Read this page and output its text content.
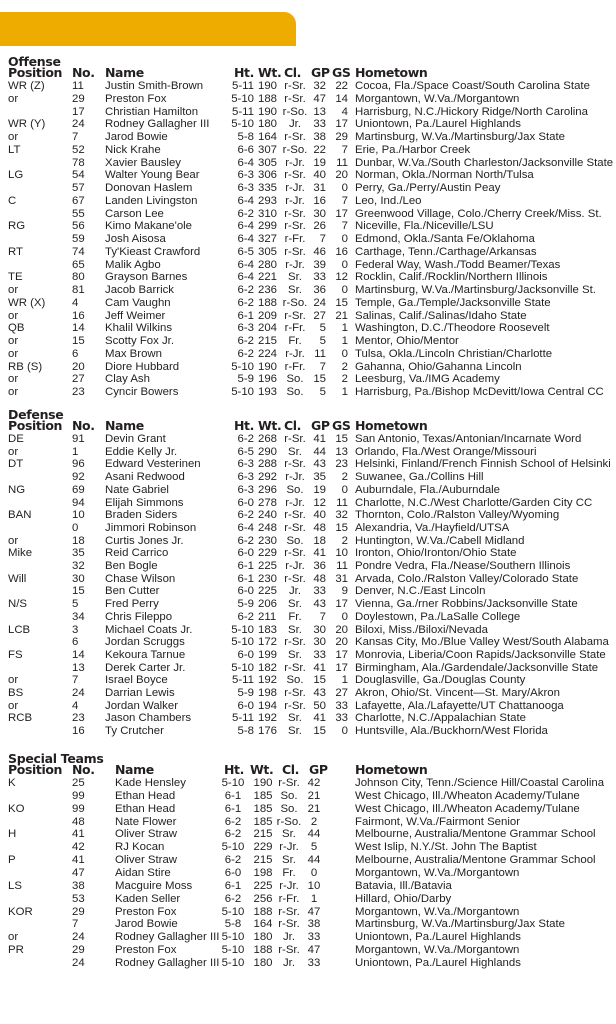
Offense
Position No. Name	Ht. Wt. Cl. GP GS Hometown
WR (Z) 11 Justin Smith-Brown	5-11 190 r-Sr. 32 22 Cocoa, Fla./Space Coast/South Carolina State
or	29 Preston Fox	5-10 188 r-Sr. 47 14 Morgantown, W.Va./Morgantown
17 Christian Hamilton	5-11 190 r-So. 13	4 Harrisburg, N.C./Hickory Ridge/North Carolina
WR (Y) 24 Rodney Gallagher III	5-10 180	Jr.	33 17 Uniontown, Pa./Laurel Highlands
or	7 Jarod Bowie	5-8 164 r-Sr. 38 29 Martinsburg, W.Va./Martinsburg/Jax State
LT	52 Nick Krahe	6-6 307 r-So. 22	7 Erie, Pa./Harbor Creek
78 Xavier Bausley	6-4 305 r-Jr. 19 11 Dunbar, W.Va./South Charleston/Jacksonville State
LG	54 Walter Young Bear	6-3 306 r-Sr. 40 20 Norman, Okla./Norman North/Tulsa
57 Donovan Haslem	6-3 335 r-Jr. 31	0 Perry, Ga./Perry/Austin Peay
C	67 Landen Livingston	6-4 293 r-Jr. 16	7 Leo, Ind./Leo
55 Carson Lee	6-2 310 r-Sr. 30 17 Greenwood Village, Colo./Cherry Creek/Miss. St.
RG	56 Kimo Makane'ole	6-4 299 r-Sr. 26	7 Niceville, Fla./Niceville/LSU
59 Josh Aisosa	6-4 327 r-Fr.	7	0 Edmond, Okla./Santa Fe/Oklahoma
RT	74 Ty'Kieast Crawford	6-5 305 r-Sr. 46 16 Carthage, Tenn./Carthage/Arkansas
65 Malik Agbo	6-4 280 r-Jr. 39	0 Federal Way, Wash./Todd Beamer/Texas
TE	80 Grayson Barnes	6-4 221 Sr. 33 12 Rocklin, Calif./Rocklin/Northern Illinois
or	81 Jacob Barrick	6-2 236 Sr. 36	0 Martinsburg, W.Va./Martinsburg/Jacksonville St.
WR (X) 4 Cam Vaughn	6-2 188 r-So. 24 15 Temple, Ga./Temple/Jacksonville State
or	16 Jeff Weimer	6-1 209 r-Sr. 27 21 Salinas, Calif./Salinas/Idaho State
QB	14 Khalil Wilkins	6-3 204 r-Fr.	5	1 Washington, D.C./Theodore Roosevelt
or	15 Scotty Fox Jr.	6-2 215 Fr.	5	1 Mentor, Ohio/Mentor
or	6 Max Brown	6-2 224 r-Jr. 11	0 Tulsa, Okla./Lincoln Christian/Charlotte
RB (S)	20 Diore Hubbard	5-10 190 r-Fr.	7	2 Gahanna, Ohio/Gahanna Lincoln
or	27 Clay Ash	5-9 196 So. 15	2 Leesburg, Va./IMG Academy
or	23 Cyncir Bowers	5-10 193 So.	5	1 Harrisburg, Pa./Bishop McDevitt/Iowa Central CC
Defense
Position No. Name	Ht. Wt. Cl. GP GS Hometown
DE	91 Devin Grant	6-2 268 r-Sr. 41 15 San Antonio, Texas/Antonian/Incarnate Word
or	1 Eddie Kelly Jr.	6-5 290 Sr. 44 13 Orlando, Fla./West Orange/Missouri
DT	96 Edward Vesterinen	6-3 288 r-Sr. 43 23 Helsinki, Finland/French Finnish School of Helsinki
92 Asani Redwood	6-3 292 r-Jr. 35	2 Suwanee, Ga./Collins Hill
NG	69 Nate Gabriel	6-3 296 So. 19	0 Auburndale, Fla./Auburndale
94 Elijah Simmons	6-0 278 r-Jr. 12 11 Charlotte, N.C./West Charlotte/Garden City CC
BAN	10 Braden Siders	6-2 240 r-Sr. 40 32 Thornton, Colo./Ralston Valley/Wyoming
0 Jimmori Robinson	6-4 248 r-Sr. 48 15 Alexandria, Va./Hayfield/UTSA
or	18 Curtis Jones Jr.	6-2 230 So. 18	2 Huntington, W.Va./Cabell Midland
Mike	35 Reid Carrico	6-0 229 r-Sr. 41 10 Ironton, Ohio/Ironton/Ohio State
32 Ben Bogle	6-1 225 r-Jr. 36 11 Pondre Vedra, Fla./Nease/Southern Illinois
Will	30 Chase Wilson	6-1 230 r-Sr. 48 31 Arvada, Colo./Ralston Valley/Colorado State
15 Ben Cutter	6-0 225	Jr.	33	9 Denver, N.C./East Lincoln
N/S	5 Fred Perry	5-9 206 Sr. 43 17 Vienna, Ga./rner Robbins/Jacksonville State
34 Chris Fileppo	6-2 211	Fr.	7	0 Doylestown, Pa./LaSalle College
LCB	3 Michael Coats Jr.	5-10 183 Sr. 30 20 Biloxi, Miss./Biloxi/Nevada
6 Jordan Scruggs	5-10 172 r-Sr. 30 20 Kansas City, Mo./Blue Valley West/South Alabama
FS	14 Kekoura Tarnue	6-0 199 Sr. 33 17 Monrovia, Liberia/Coon Rapids/Jacksonville State
13 Derek Carter Jr.	5-10 182 r-Sr. 41 17 Birmingham, Ala./Gardendale/Jacksonville State
or	7 Israel Boyce	5-11 192 So. 15	1 Douglasville, Ga./Douglas County
BS	24 Darrian Lewis	5-9 198 r-Sr. 43 27 Akron, Ohio/St. Vincent—St. Mary/Akron
or	4 Jordan Walker	6-0 194 r-Sr. 50 33 Lafayette, Ala./Lafayette/UT Chattanooga
RCB	23 Jason Chambers	5-11 192 Sr. 41 33 Charlotte, N.C./Appalachian State
16 Ty Crutcher	5-8 176 Sr. 15	0 Huntsville, Ala./Buckhorn/West Florida
Special Teams
Position No. Name	Ht. Wt. Cl. GP Hometown
K	25	Kade Hensley	5-10 190 r-Sr. 42	Johnson City, Tenn./Science Hill/Coastal Carolina
99	Ethan Head	6-1	185 So. 21	West Chicago, Ill./Wheaton Academy/Tulane
KO	99	Ethan Head	6-1	185 So. 21	West Chicago, Ill./Wheaton Academy/Tulane
48	Nate Flower	6-2	185 r-So. 2	Fairmont, W.Va./Fairmont Senior
H	41	Oliver Straw	6-2	215 Sr.	44	Melbourne, Australia/Mentone Grammar School
42	RJ Kocan	5-10 229 r-Jr.	5	West Islip, N.Y./St. John The Baptist
P	41	Oliver Straw	6-2	215 Sr.	44	Melbourne, Australia/Mentone Grammar School
47	Aidan Stire	6-0	198 Fr.	0	Morgantown, W.Va./Morgantown
LS	38	Macguire Moss	6-1	225 r-Jr. 10	Batavia, Ill./Batavia
53	Kaden Seller	6-2	256 r-Fr. 1	Hillard, Ohio/Darby
KOR	29	Preston Fox	5-10 188 r-Sr. 47	Morgantown, W.Va./Morgantown
7	Jarod Bowie	5-8	164 r-Sr. 38	Martinsburg, W.Va./Martinsburg/Jax State
or	24	Rodney Gallagher III 5-10 180 Jr.	33	Uniontown, Pa./Laurel Highlands
PR	29	Preston Fox	5-10 188 r-Sr. 47	Morgantown, W.Va./Morgantown
24	Rodney Gallagher III 5-10 180 Jr.	33	Uniontown, Pa./Laurel Highlands
